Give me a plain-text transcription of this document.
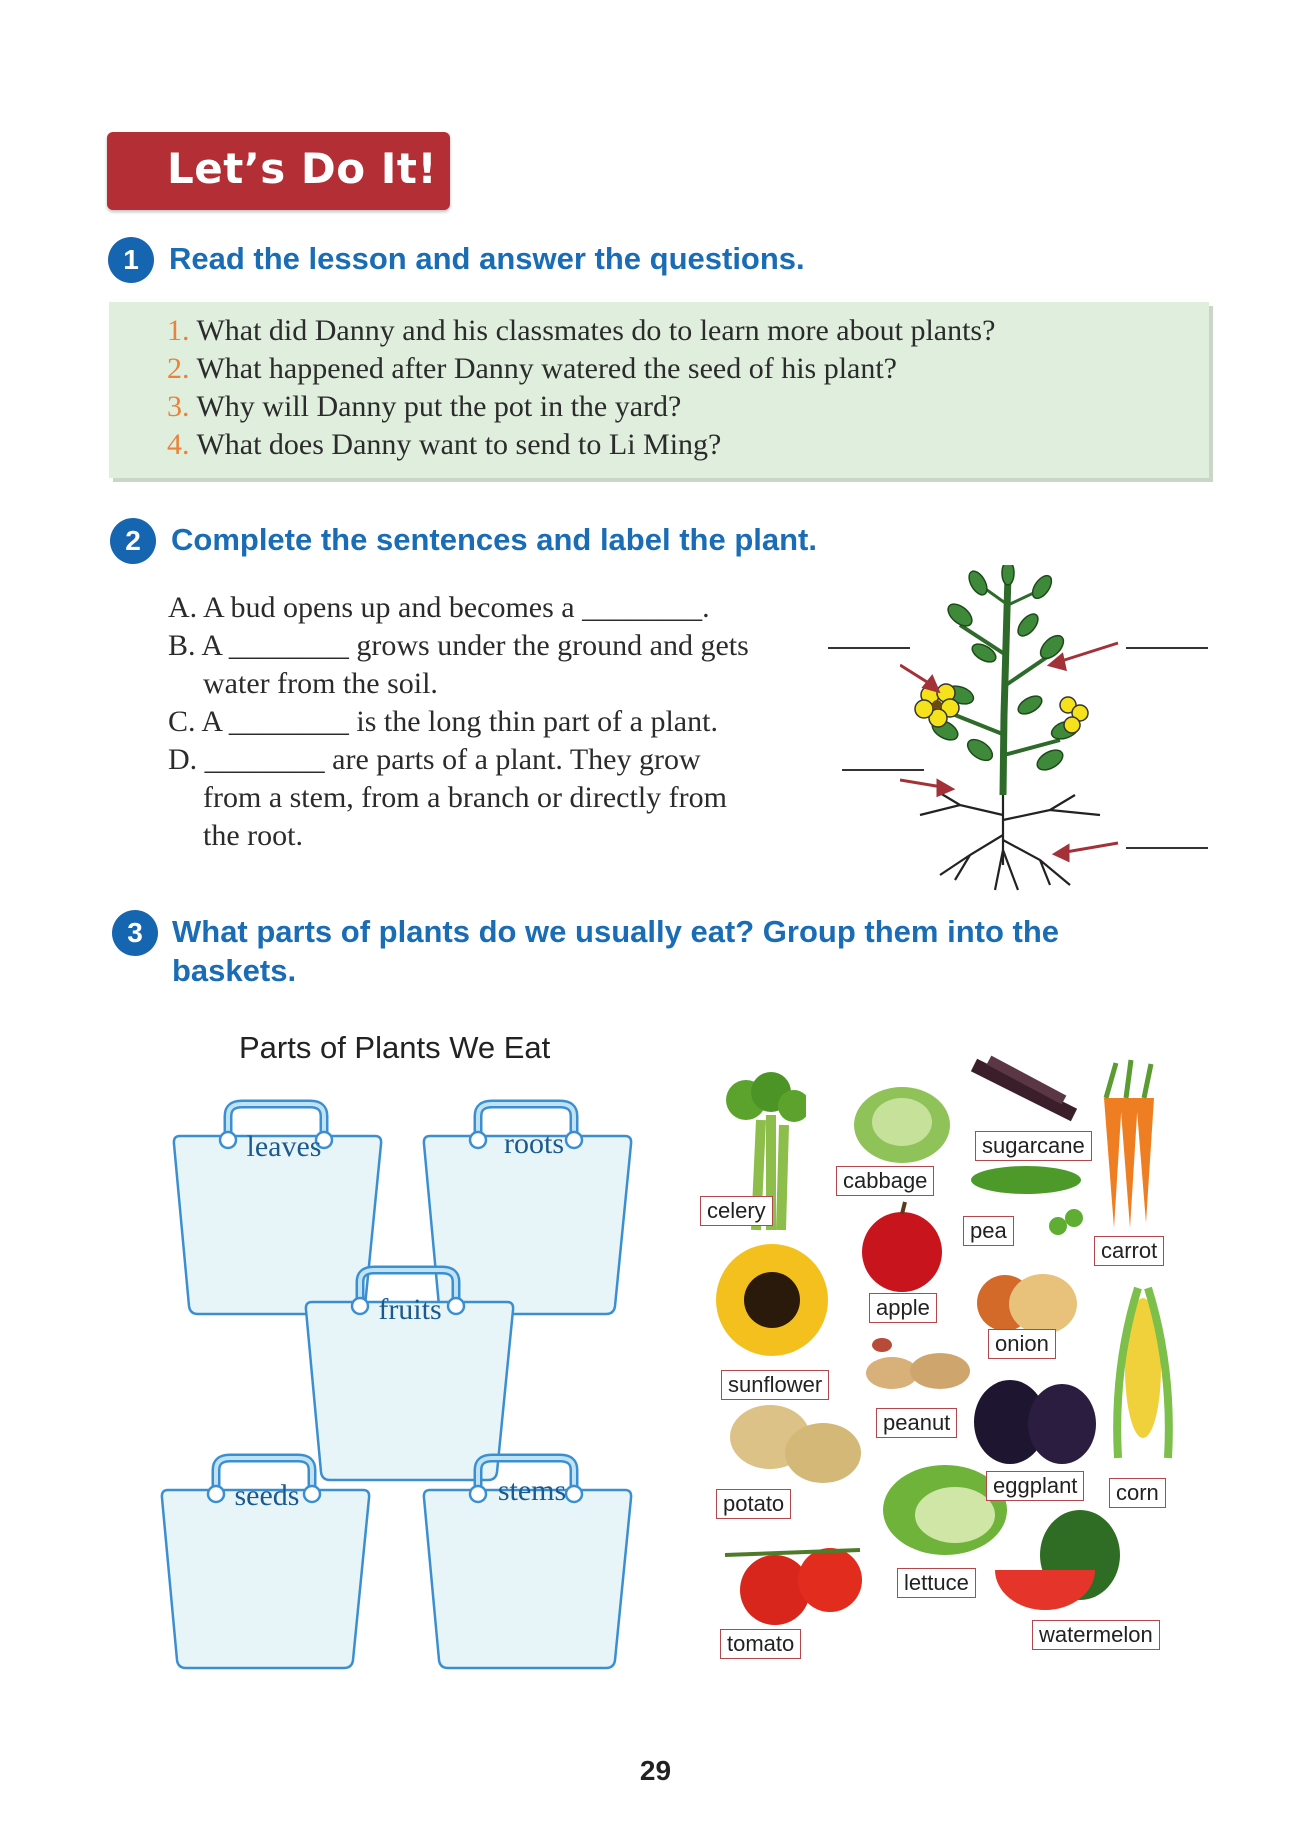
Let’s Do It!
1 Read the lesson and answer the questions.
1. What did Danny and his classmates do to learn more about plants?
2. What happened after Danny watered the seed of his plant?
3. Why will Danny put the pot in the yard?
4. What does Danny want to send to Li Ming?
2 Complete the sentences and label the plant.
A. A bud opens up and becomes a ________.
B. A ________ grows under the ground and gets
water from the soil.
C. A ________ is the long thin part of a plant.
D. ________ are parts of a plant. They grow
from a stem, from a branch or directly from
the root.
3 What parts of plants do we usually eat? Group them into the
baskets.
Parts of Plants We Eat
leaves	roots
fruits
seeds	stems
celery
cabbage
sugarcane
pea
carrot
apple
sunflower
onion
peanut
eggplant	corn
potato
lettuce
tomato	watermelon
29
